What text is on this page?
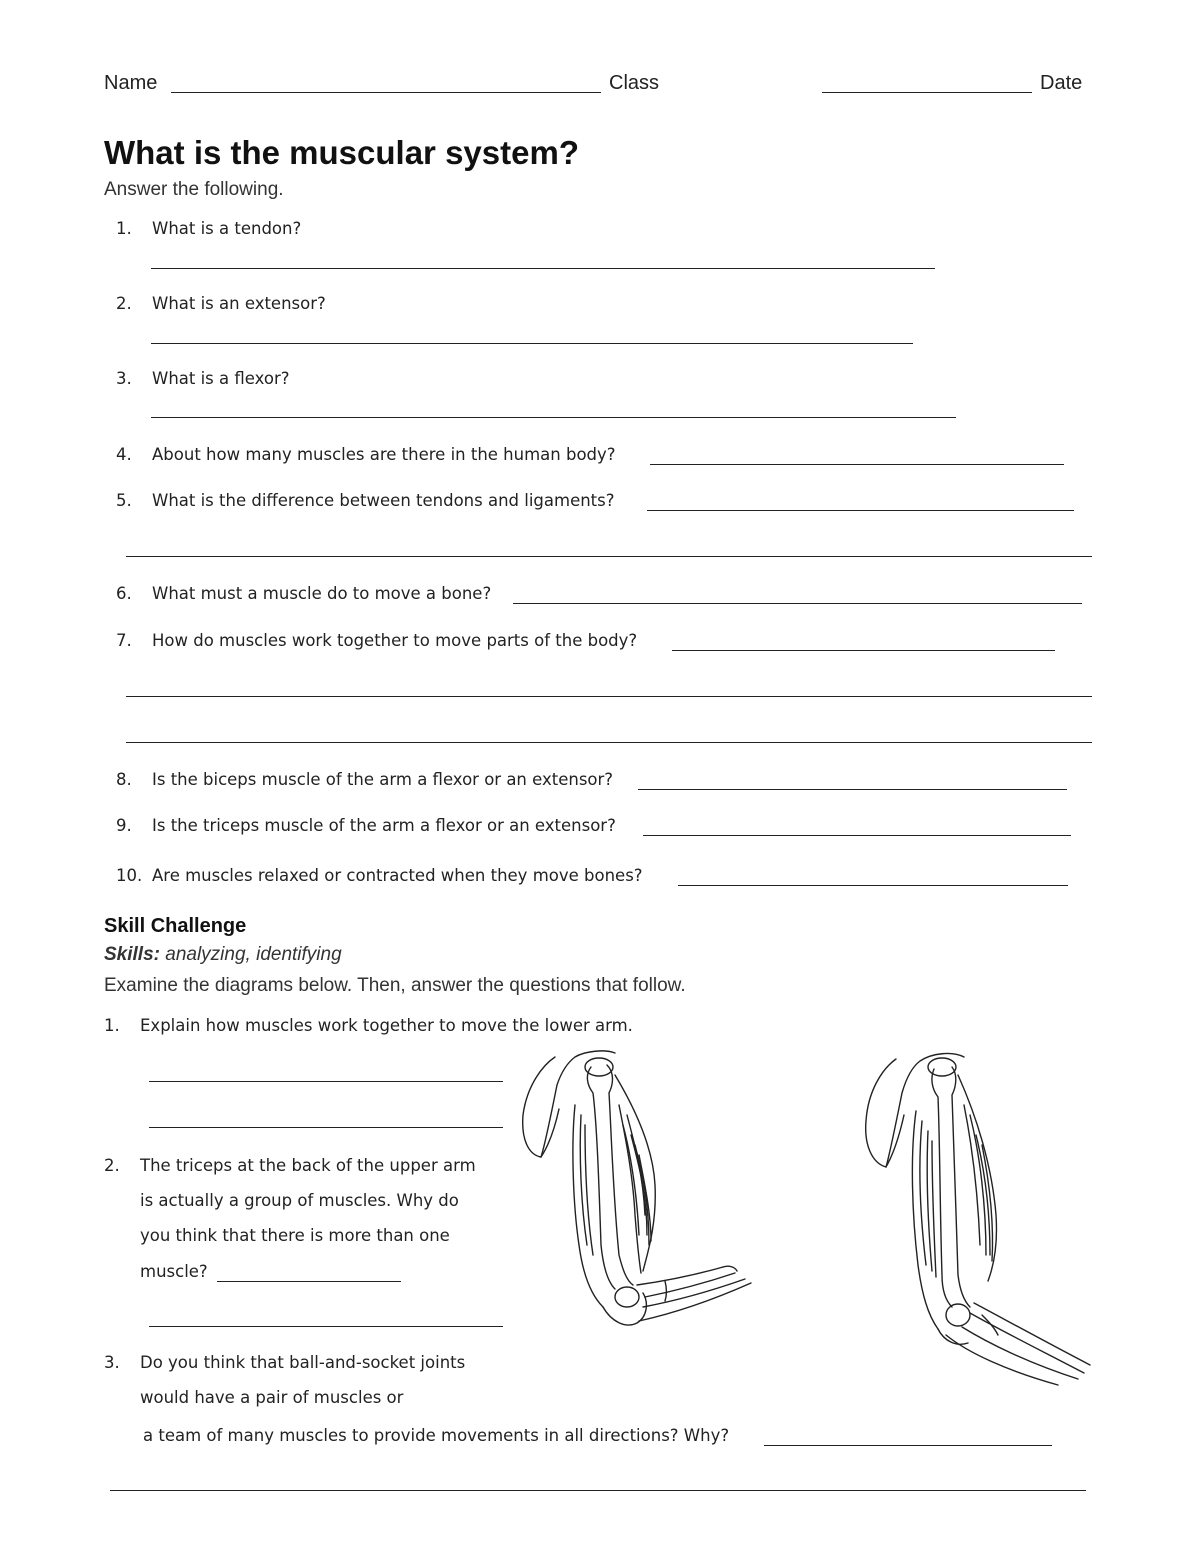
Name	Class	Date
What is the muscular system?
Answer the following.
1. What is a tendon?
2. What is an extensor?
3. What is a flexor?
4. About how many muscles are there in the human body?
5. What is the difference between tendons and ligaments?
6. What must a muscle do to move a bone?
7. How do muscles work together to move parts of the body?
8. Is the biceps muscle of the arm a flexor or an extensor?
9. Is the triceps muscle of the arm a flexor or an extensor?
10. Are muscles relaxed or contracted when they move bones?
Skill Challenge
Skills: analyzing, identifying
Examine the diagrams below. Then, answer the questions that follow.
1. Explain how muscles work together to move the lower arm.
2. The triceps at the back of the upper arm
is actually a group of muscles. Why do
you think that there is more than one
muscle?
3. Do you think that ball-and-socket joints
would have a pair of muscles or
a team of many muscles to provide movements in all directions? Why?
